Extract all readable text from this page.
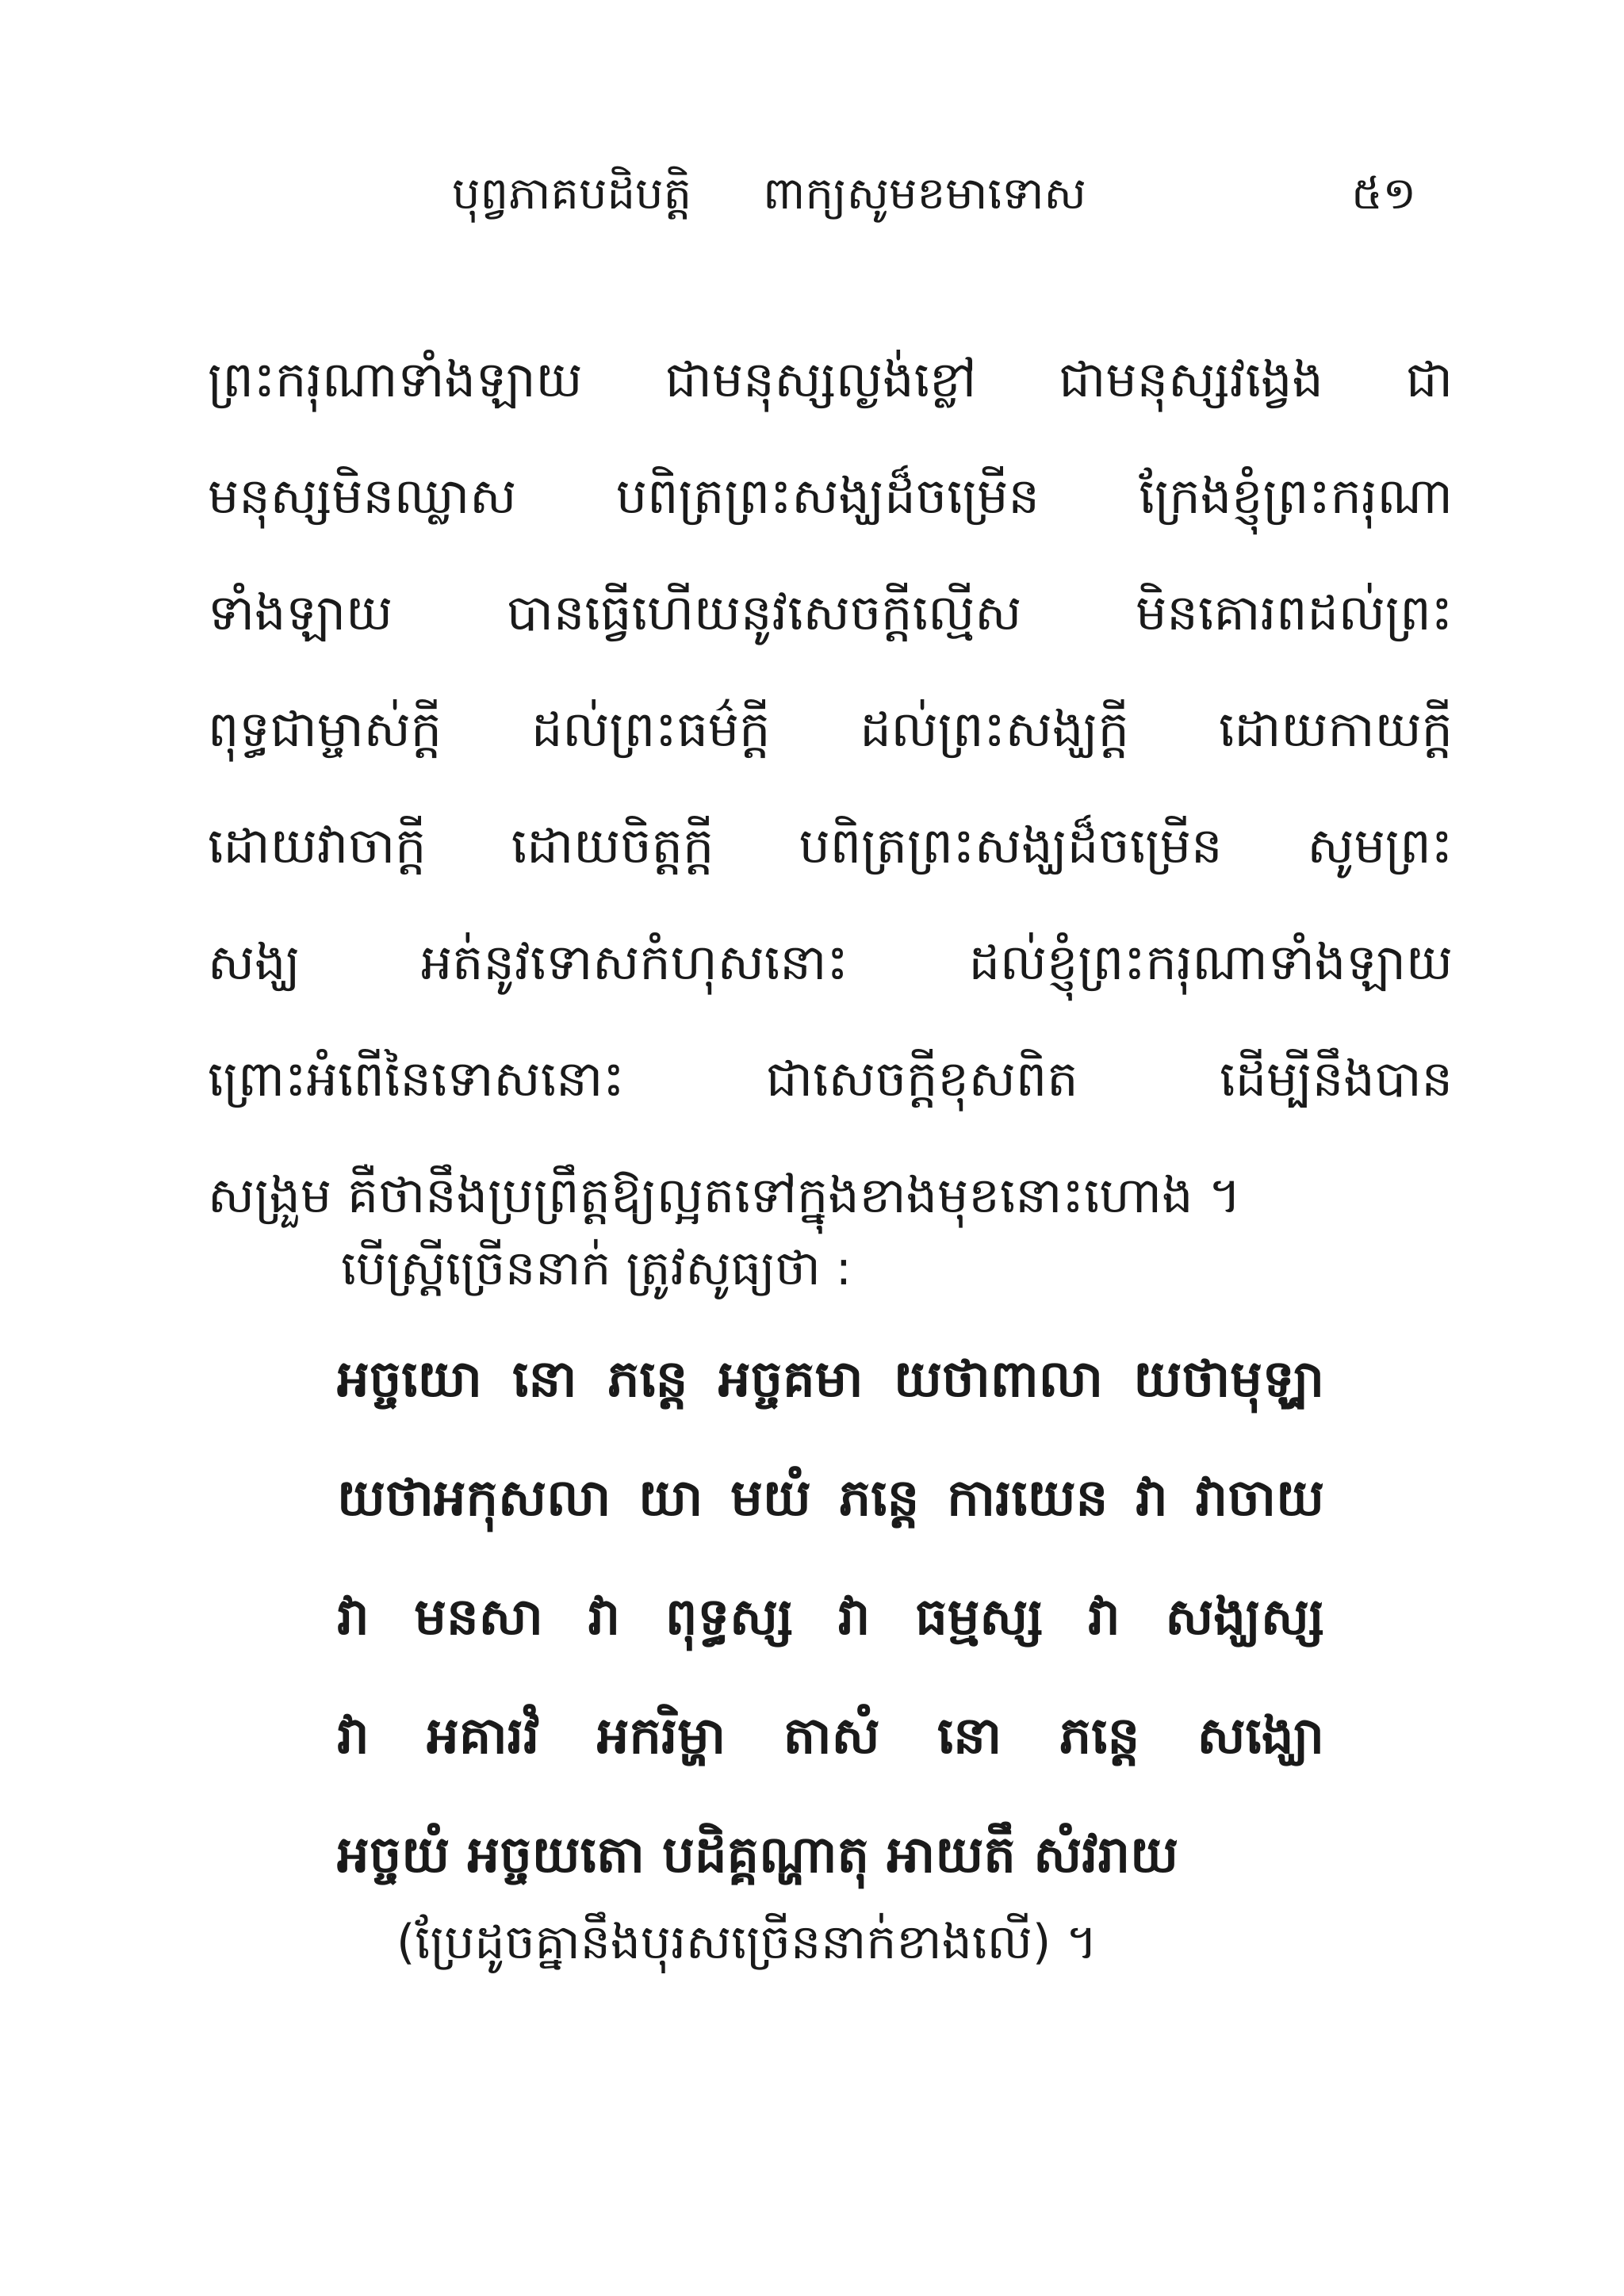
បុព្វភាគបដិបត្តិ ពាក្យសូមខមាទោស	៥១
ព្រះករុណាទាំងឡាយ ជាមនុស្សល្ងង់ខ្លៅ ជាមនុស្សវង្វេង ជា
មនុស្សមិនឈ្លាស បពិត្រព្រះសង្ឃដ៏ចម្រើន ក្រែងខ្ញុំព្រះករុណា
ទាំងឡាយ បានធ្វើហើយនូវសេចក្តីល្មើស មិនគោរពដល់ព្រះ
ពុទ្ធជាម្ចាស់ក្តី ដល់ព្រះធម៌ក្តី ដល់ព្រះសង្ឃក្តី ដោយកាយក្តី
ដោយវាចាក្តី ដោយចិត្តក្តី បពិត្រព្រះសង្ឃដ៏ចម្រើន សូមព្រះ
សង្ឃ អត់នូវទោសកំហុសនោះ ដល់ខ្ញុំព្រះករុណាទាំងឡាយ
ព្រោះអំពើនៃទោសនោះ	ជាសេចក្តីខុសពិត	ដើម្បីនឹងបាន
សង្រួម គឺថានឹងប្រព្រឹត្តឱ្យល្អតទៅក្នុងខាងមុខនោះហោង ។
បើស្ត្រីច្រើននាក់ ត្រូវសូធ្យថា :
អច្ចយោ នោ ភន្តេ អច្ចគមា យថាពាលា យថាមុឡ្ហា
យថាអកុសលា យា មយំ ភន្តេ ការយេន វា វាចាយ
វា មនសា វា ពុទ្ធស្ស វា ធម្មស្ស វា សង្ឃស្ស
វា អគារវំ អករិម្ហា តាសំ នោ ភន្តេ សង្ឃោ
អច្ចយំ អច្ចយតោ បដិគ្គណ្ហាតុ អាយតឹ សំវរាយ
(ប្រែដូចគ្នានឹងបុរសច្រើននាក់ខាងលើ) ។
